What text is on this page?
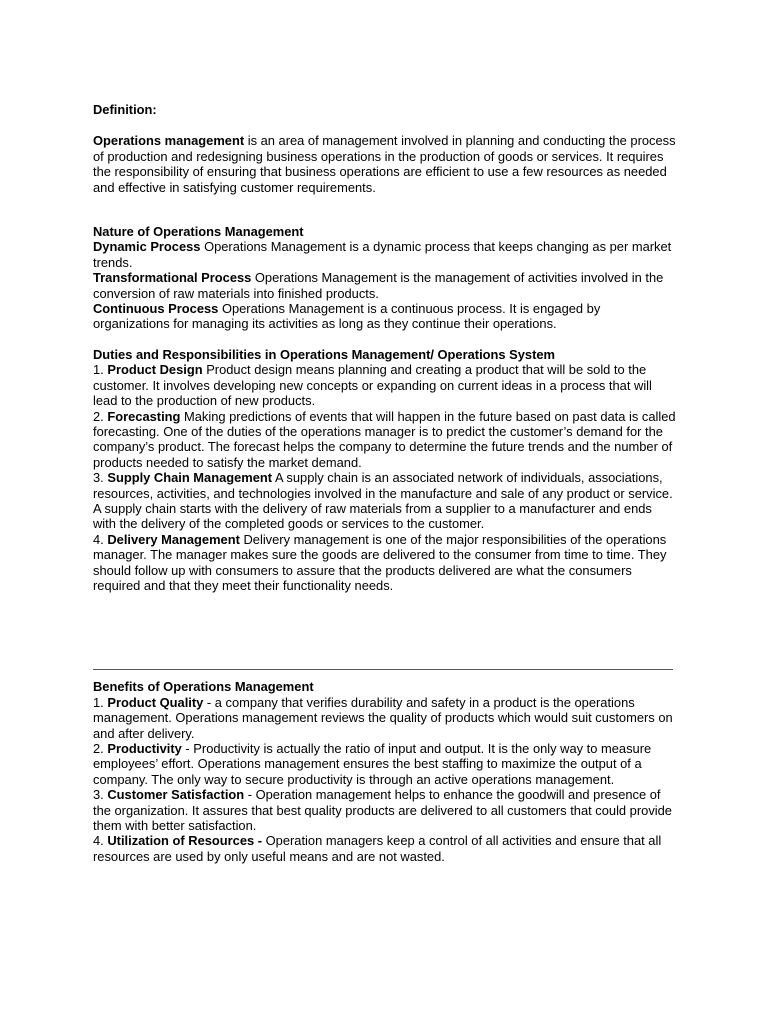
Definition:

Operations management is an area of management involved in planning and conducting the process of production and redesigning business operations in the production of goods or services. It requires the responsibility of ensuring that business operations are efficient to use a few resources as needed and effective in satisfying customer requirements.

Nature of Operations Management

Dynamic Process Operations Management is a dynamic process that keeps changing as per market trends.

Transformational Process Operations Management is the management of activities involved in the conversion of raw materials into finished products.

Continuous Process Operations Management is a continuous process. It is engaged by organizations for managing its activities as long as they continue their operations.

Duties and Responsibilities in Operations Management/ Operations System

1. Product Design Product design means planning and creating a product that will be sold to the customer. It involves developing new concepts or expanding on current ideas in a process that will lead to the production of new products.

2. Forecasting Making predictions of events that will happen in the future based on past data is called forecasting. One of the duties of the operations manager is to predict the customer’s demand for the company’s product. The forecast helps the company to determine the future trends and the number of products needed to satisfy the market demand.

3. Supply Chain Management A supply chain is an associated network of individuals, associations, resources, activities, and technologies involved in the manufacture and sale of any product or service. A supply chain starts with the delivery of raw materials from a supplier to a manufacturer and ends with the delivery of the completed goods or services to the customer.

4. Delivery Management Delivery management is one of the major responsibilities of the operations manager. The manager makes sure the goods are delivered to the consumer from time to time. They should follow up with consumers to assure that the products delivered are what the consumers required and that they meet their functionality needs.

Benefits of Operations Management

1. Product Quality - a company that verifies durability and safety in a product is the operations management. Operations management reviews the quality of products which would suit customers on and after delivery.

2. Productivity - Productivity is actually the ratio of input and output. It is the only way to measure employees’ effort. Operations management ensures the best staffing to maximize the output of a company. The only way to secure productivity is through an active operations management.

3. Customer Satisfaction - Operation management helps to enhance the goodwill and presence of the organization. It assures that best quality products are delivered to all customers that could provide them with better satisfaction.

4. Utilization of Resources - Operation managers keep a control of all activities and ensure that all resources are used by only useful means and are not wasted.
